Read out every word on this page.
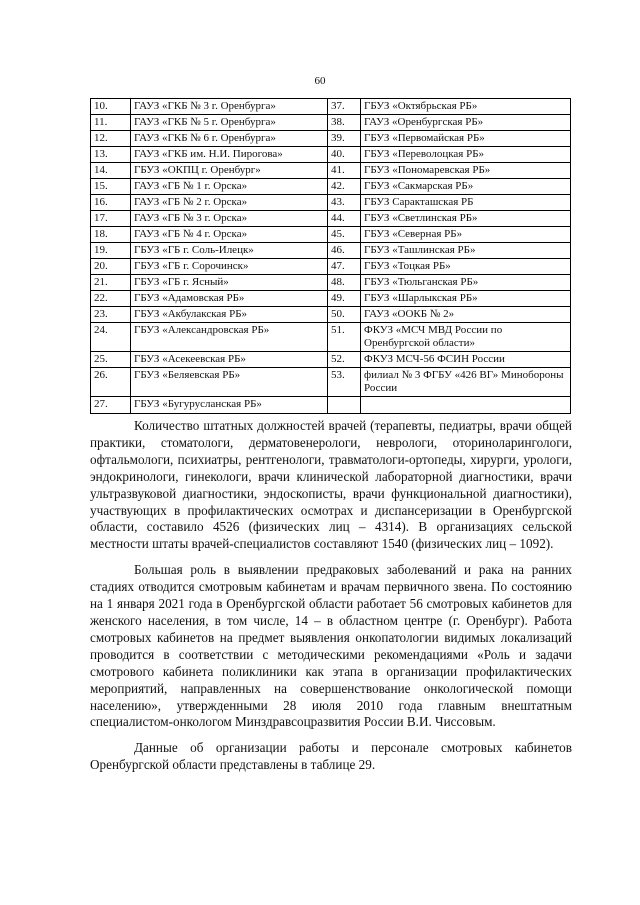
60
10.	ГАУЗ «ГКБ № 3 г. Оренбурга»	37.	ГБУЗ «Октябрьская РБ»
11.	ГАУЗ «ГКБ № 5 г. Оренбурга»	38.	ГАУЗ «Оренбургская РБ»
12.	ГАУЗ «ГКБ № 6 г. Оренбурга»	39.	ГБУЗ «Первомайская РБ»
13.	ГАУЗ «ГКБ им. Н.И. Пирогова»	40.	ГБУЗ «Переволоцкая РБ»
14.	ГБУЗ «ОКПЦ г. Оренбург»	41.	ГБУЗ «Пономаревская РБ»
15.	ГАУЗ «ГБ № 1 г. Орска»	42.	ГБУЗ «Сакмарская РБ»
16.	ГАУЗ «ГБ № 2 г. Орска»	43.	ГБУЗ Саракташская РБ
17.	ГАУЗ «ГБ № 3 г. Орска»	44.	ГБУЗ «Светлинская РБ»
18.	ГАУЗ «ГБ № 4 г. Орска»	45.	ГБУЗ «Северная РБ»
19.	ГБУЗ «ГБ г. Соль-Илецк»	46.	ГБУЗ «Ташлинская РБ»
20.	ГБУЗ «ГБ г. Сорочинск»	47.	ГБУЗ «Тоцкая РБ»
21.	ГБУЗ «ГБ г. Ясный»	48.	ГБУЗ «Тюльганская РБ»
22.	ГБУЗ «Адамовская РБ»	49.	ГБУЗ «Шарлыкская РБ»
23.	ГБУЗ «Акбулакская РБ»	50.	ГАУЗ «ООКБ № 2»
24.	ГБУЗ «Александровская РБ»	51.	ФКУЗ «МСЧ МВД России по Оренбургской области»
25.	ГБУЗ «Асекеевская РБ»	52.	ФКУЗ МСЧ-56 ФСИН России
26.	ГБУЗ «Беляевская РБ»	53.	филиал № 3 ФГБУ «426 ВГ» Минобороны России
27.	ГБУЗ «Бугурусланская РБ»		

Количество штатных должностей врачей (терапевты, педиатры, врачи общей практики, стоматологи, дерматовенерологи, неврологи, оториноларингологи, офтальмологи, психиатры, рентгенологи, травматологи-ортопеды, хирурги, урологи, эндокринологи, гинекологи, врачи клинической лабораторной диагностики, врачи ультразвуковой диагностики, эндоскописты, врачи функциональной диагностики), участвующих в профилактических осмотрах и диспансеризации в Оренбургской области, составило 4526 (физических лиц – 4314). В организациях сельской местности штаты врачей-специалистов составляют 1540 (физических лиц – 1092).

Большая роль в выявлении предраковых заболеваний и рака на ранних стадиях отводится смотровым кабинетам и врачам первичного звена. По состоянию на 1 января 2021 года в Оренбургской области работает 56 смотровых кабинетов для женского населения, в том числе, 14 – в областном центре (г. Оренбург). Работа смотровых кабинетов на предмет выявления онкопатологии видимых локализаций проводится в соответствии с методическими рекомендациями «Роль и задачи смотрового кабинета поликлиники как этапа в организации профилактических мероприятий, направленных на совершенствование онкологической помощи населению», утвержденными 28 июля 2010 года главным внештатным специалистом-онкологом Минздравсоцразвития России В.И. Чиссовым.

Данные об организации работы и персонале смотровых кабинетов Оренбургской области представлены в таблице 29.
